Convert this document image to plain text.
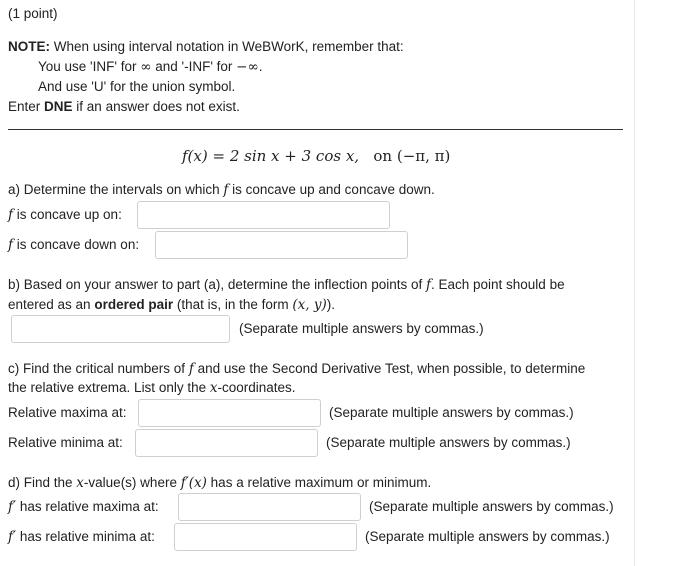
(1 point)
NOTE: When using interval notation in WeBWorK, remember that:
You use 'INF' for ∞ and '-INF' for −∞.
And use 'U' for the union symbol.
Enter DNE if an answer does not exist.
f(x) = 2 sin x + 3 cos x, on (−π, π)
a) Determine the intervals on which f is concave up and concave down.
f is concave up on:
f is concave down on:
b) Based on your answer to part (a), determine the inflection points of f. Each point should be
entered as an ordered pair (that is, in the form (x, y)).
(Separate multiple answers by commas.)
c) Find the critical numbers of f and use the Second Derivative Test, when possible, to determine
the relative extrema. List only the x-coordinates.
Relative maxima at:	(Separate multiple answers by commas.)
Relative minima at:	(Separate multiple answers by commas.)
d) Find the x-value(s) where f′(x) has a relative maximum or minimum.
f′ has relative maxima at:	(Separate multiple answers by commas.)
f′ has relative minima at:	(Separate multiple answers by commas.)
